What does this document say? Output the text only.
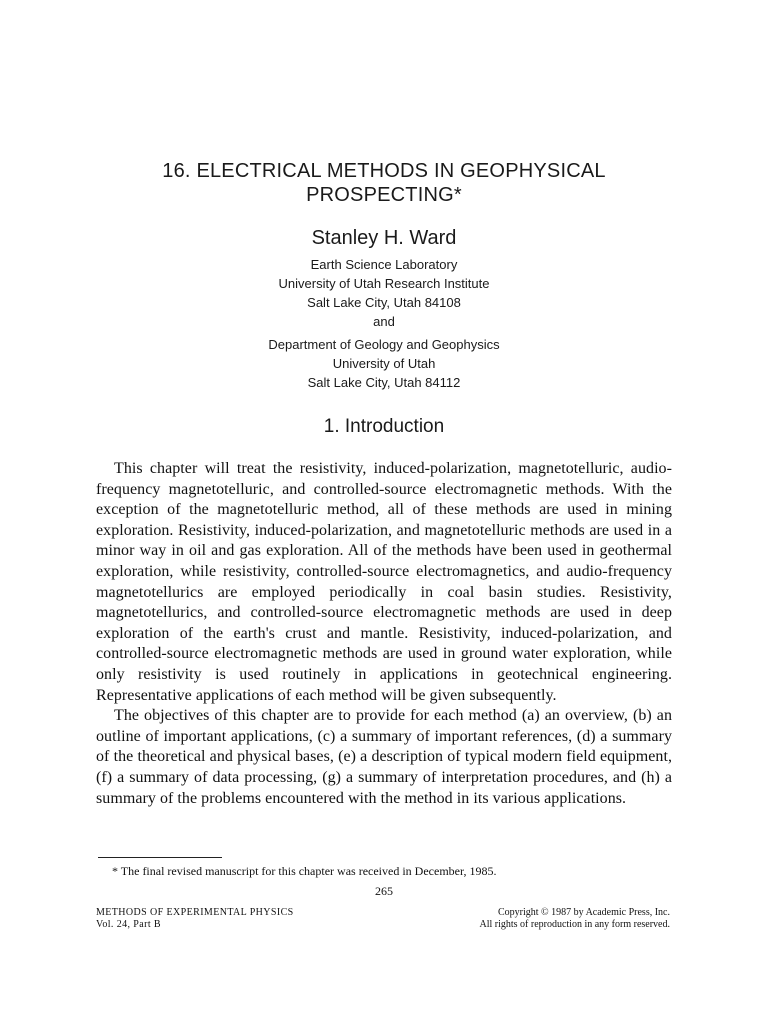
16. ELECTRICAL METHODS IN GEOPHYSICAL
PROSPECTING*
Stanley H. Ward
Earth Science Laboratory
University of Utah Research Institute
Salt Lake City, Utah 84108
and
Department of Geology and Geophysics
University of Utah
Salt Lake City, Utah 84112
1. Introduction

This chapter will treat the resistivity, induced-polarization, magnetotelluric, audio-frequency magnetotelluric, and controlled-source electromagnetic methods. With the exception of the magnetotelluric method, all of these methods are used in mining exploration. Resistivity, induced-polarization, and magnetotelluric methods are used in a minor way in oil and gas exploration. All of the methods have been used in geothermal exploration, while resistivity, controlled-source electromagnetics, and audio-frequency magnetotellurics are employed periodically in coal basin studies. Resistivity, magnetotellurics, and controlled-source electromagnetic methods are used in deep exploration of the earth's crust and mantle. Resistivity, induced-polarization, and controlled-source electromagnetic methods are used in ground water exploration, while only resistivity is used routinely in applications in geotechnical engineering. Representative applications of each method will be given subsequently.

The objectives of this chapter are to provide for each method (a) an overview, (b) an outline of important applications, (c) a summary of important references, (d) a summary of the theoretical and physical bases, (e) a description of typical modern field equipment, (f) a summary of data processing, (g) a summary of interpretation procedures, and (h) a summary of the problems encountered with the method in its various applications.

* The final revised manuscript for this chapter was received in December, 1985.
265
METHODS OF EXPERIMENTAL PHYSICS
Vol. 24, Part B
Copyright © 1987 by Academic Press, Inc.
All rights of reproduction in any form reserved.
